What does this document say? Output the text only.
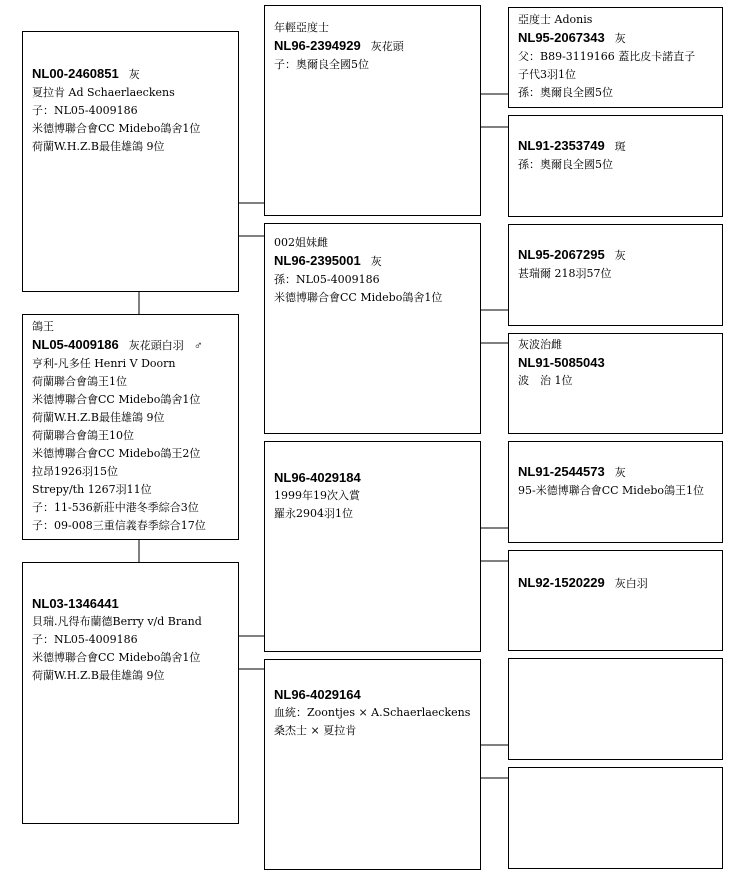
NL00-2460851 灰
夏拉肯 Ad Schaerlaeckens
子：NL05-4009186
米德博聯合會CC Midebo鴿舍1位
荷蘭W.H.Z.B最佳雄鴿 9位
鴿王
NL05-4009186 灰花頭白羽 ♂
亨利-凡多任 Henri V Doorn
荷蘭聯合會鴿王1位
米德博聯合會CC Midebo鴿舍1位
荷蘭W.H.Z.B最佳雄鴿 9位
荷蘭聯合會鴿王10位
米德博聯合會CC Midebo鴿王2位
拉昂1926羽15位
Strepy/th 1267羽11位
子：11-536新莊中港冬季綜合3位
子：09-008三重信義春季綜合17位
NL03-1346441
貝瑞.凡得布蘭德Berry v/d Brand
子：NL05-4009186
米德博聯合會CC Midebo鴿舍1位
荷蘭W.H.Z.B最佳雄鴿 9位
年輕亞度士
NL96-2394929 灰花頭
子：奧爾良全國5位
002姐妹雌
NL96-2395001 灰
孫：NL05-4009186
米德博聯合會CC Midebo鴿舍1位
NL96-4029184
1999年19次入賞
羅永2904羽1位
NL96-4029164
血統：Zoontjes × A.Schaerlaeckens
桑杰士 × 夏拉肯
亞度士 Adonis
NL95-2067343 灰
父：B89-3119166 蓋比皮卡諾直子
子代3羽1位
孫：奧爾良全國5位
NL91-2353749 斑
孫：奧爾良全國5位
NL95-2067295 灰
甚瑞爾 218羽57位
灰波治雌
NL91-5085043
波　治 1位
NL91-2544573 灰
95-米德博聯合會CC Midebo鴿王1位
NL92-1520229 灰白羽
